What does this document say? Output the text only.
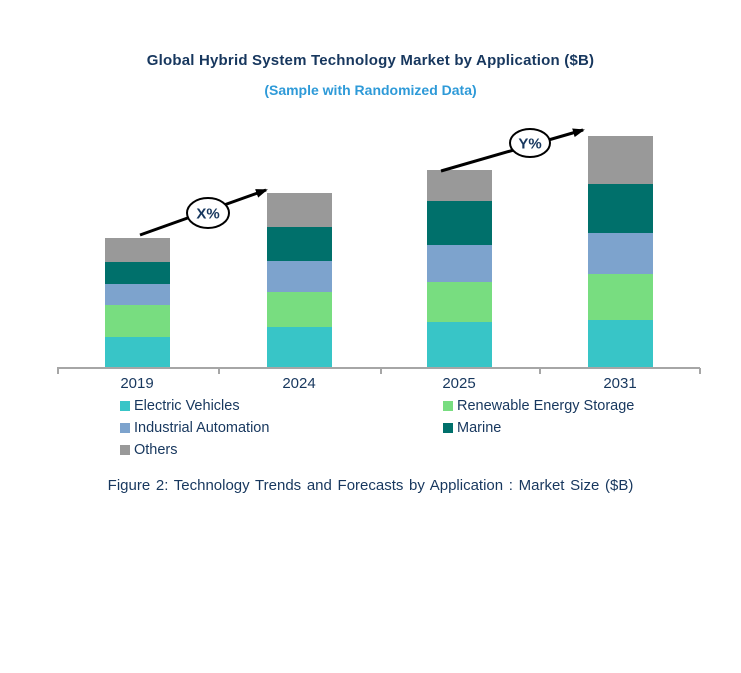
Global Hybrid System Technology Market by Application ($B)
(Sample with Randomized Data)
2019	2024	2025	2031
X%
Y%
Electric Vehicles
Industrial Automation
Others
Renewable Energy Storage
Marine
Figure 2: Technology Trends and Forecasts by Application : Market Size ($B)
